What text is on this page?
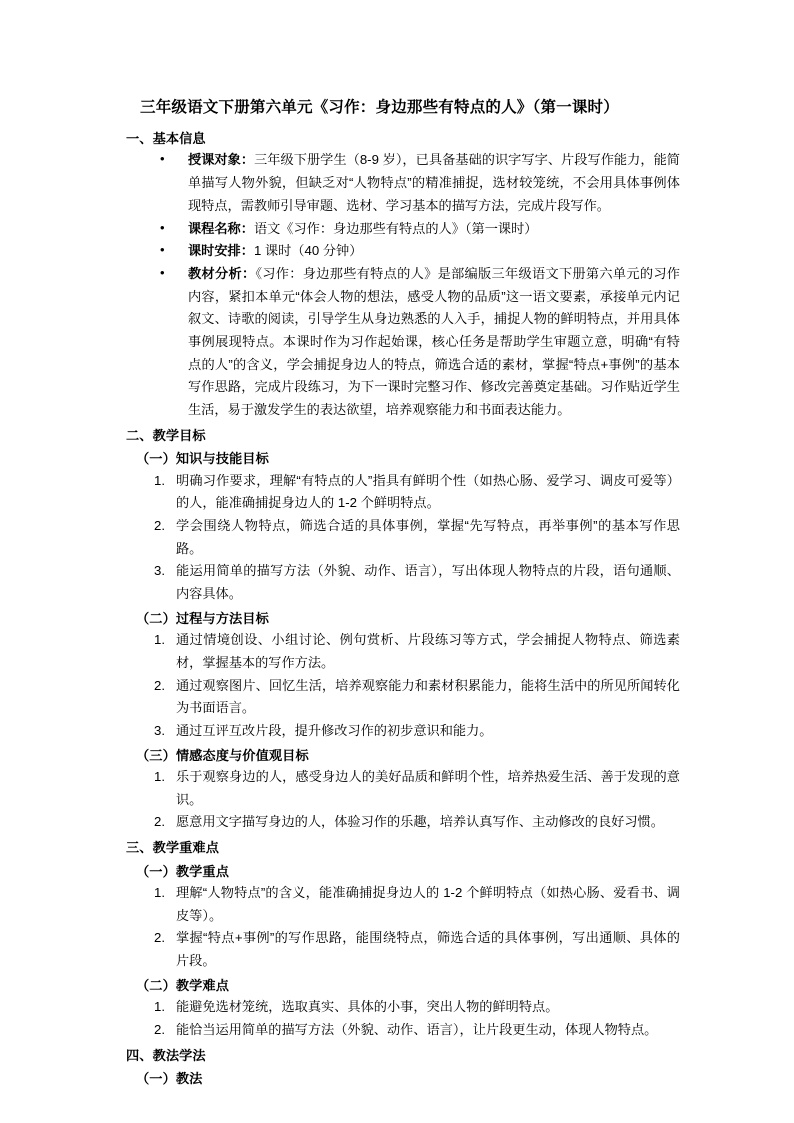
三年级语文下册第六单元《习作：身边那些有特点的人》（第一课时）
一、基本信息
• 授课对象：三年级下册学生（8-9 岁），已具备基础的识字写字、片段写作能力，能简单描写人物外貌，但缺乏对“人物特点”的精准捕捉，选材较笼统，不会用具体事例体现特点，需教师引导审题、选材、学习基本的描写方法，完成片段写作。
• 课程名称：语文《习作：身边那些有特点的人》（第一课时）
• 课时安排：1 课时（40 分钟）
• 教材分析：《习作：身边那些有特点的人》是部编版三年级语文下册第六单元的习作内容，紧扣本单元“体会人物的想法，感受人物的品质”这一语文要素，承接单元内记叙文、诗歌的阅读，引导学生从身边熟悉的人入手，捕捉人物的鲜明特点，并用具体事例展现特点。本课时作为习作起始课，核心任务是帮助学生审题立意，明确“有特点的人”的含义，学会捕捉身边人的特点，筛选合适的素材，掌握“特点+事例”的基本写作思路，完成片段练习，为下一课时完整习作、修改完善奠定基础。习作贴近学生生活，易于激发学生的表达欲望，培养观察能力和书面表达能力。
二、教学目标
（一）知识与技能目标
明确习作要求，理解“有特点的人”指具有鲜明个性（如热心肠、爱学习、调皮可爱等）的人，能准确捕捉身边人的 1-2 个鲜明特点。
学会围绕人物特点，筛选合适的具体事例，掌握“先写特点，再举事例”的基本写作思路。
能运用简单的描写方法（外貌、动作、语言），写出体现人物特点的片段，语句通顺、内容具体。
（二）过程与方法目标
通过情境创设、小组讨论、例句赏析、片段练习等方式，学会捕捉人物特点、筛选素材，掌握基本的写作方法。
通过观察图片、回忆生活，培养观察能力和素材积累能力，能将生活中的所见所闻转化为书面语言。
通过互评互改片段，提升修改习作的初步意识和能力。
（三）情感态度与价值观目标
乐于观察身边的人，感受身边人的美好品质和鲜明个性，培养热爱生活、善于发现的意识。
愿意用文字描写身边的人，体验习作的乐趣，培养认真写作、主动修改的良好习惯。
三、教学重难点
（一）教学重点
理解“人物特点”的含义，能准确捕捉身边人的 1-2 个鲜明特点（如热心肠、爱看书、调皮等）。
掌握“特点+事例”的写作思路，能围绕特点，筛选合适的具体事例，写出通顺、具体的片段。
（二）教学难点
能避免选材笼统，选取真实、具体的小事，突出人物的鲜明特点。
能恰当运用简单的描写方法（外貌、动作、语言），让片段更生动，体现人物特点。
四、教法学法
（一）教法
